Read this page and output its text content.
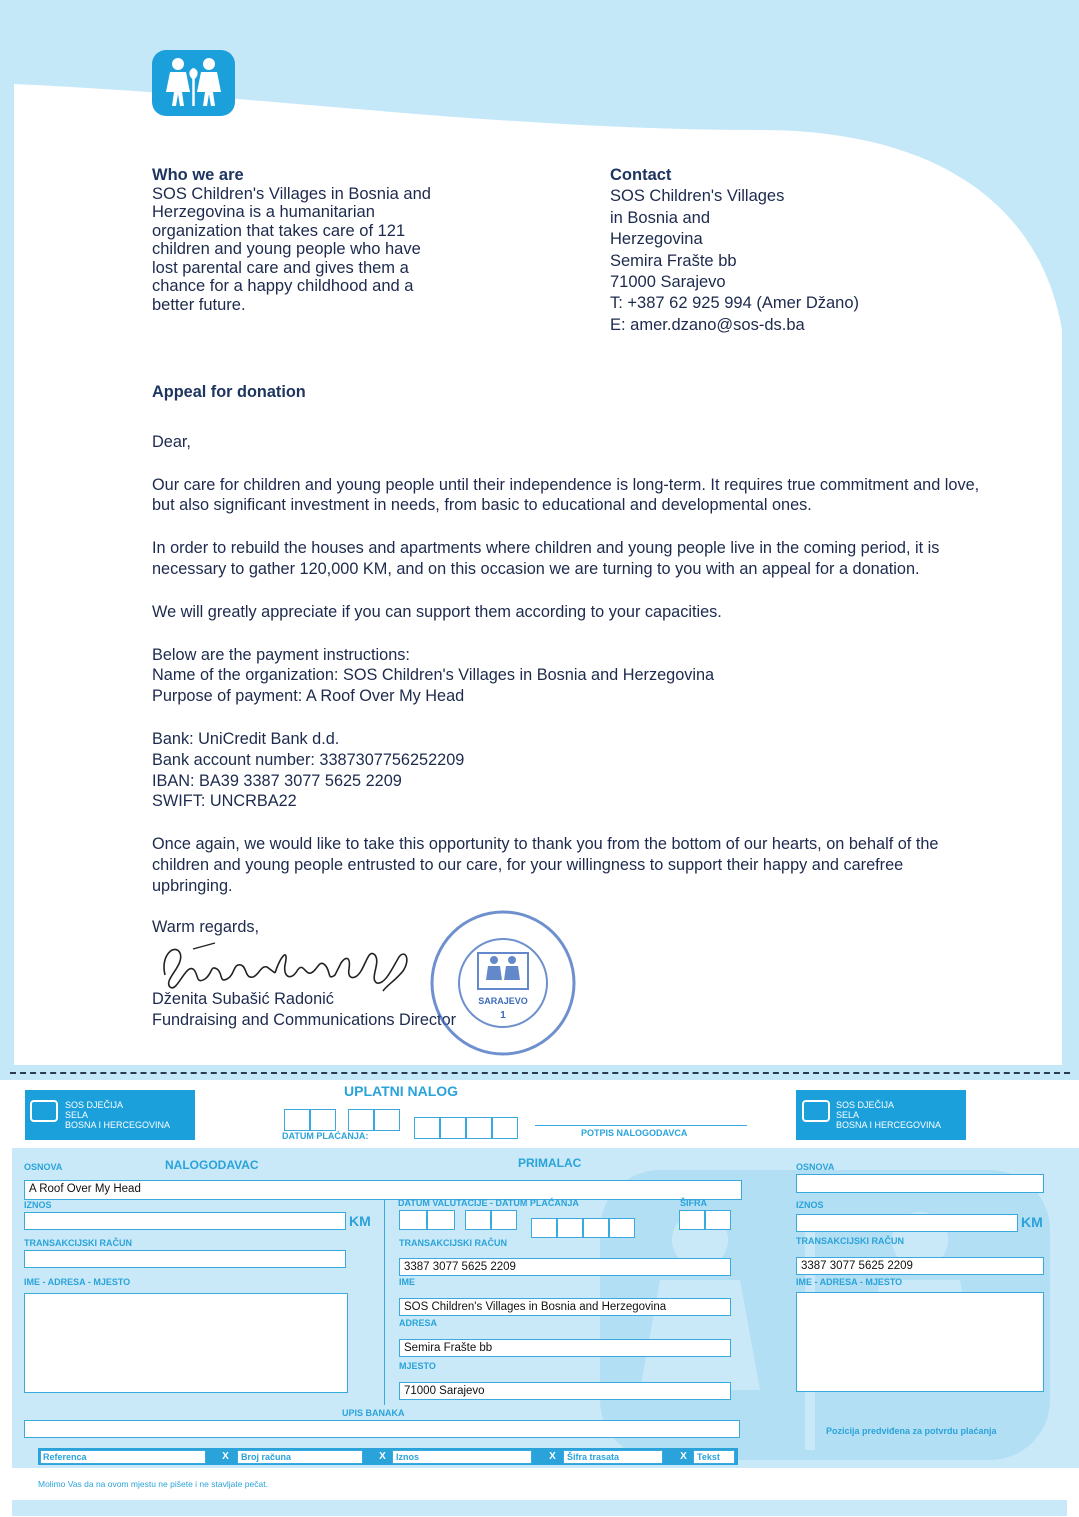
Who we are
SOS Children's Villages in Bosnia and
Herzegovina is a humanitarian
organization that takes care of 121
children and young people who have
lost parental care and gives them a
chance for a happy childhood and a
better future.
Contact
SOS Children's Villages
in Bosnia and
Herzegovina
Semira Frašte bb
71000 Sarajevo
T: +387 62 925 994 (Amer Džano)
E: amer.dzano@sos-ds.ba
Appeal for donation
Dear,
Our care for children and young people until their independence is long-term. It requires true commitment and love,
but also significant investment in needs, from basic to educational and developmental ones.
In order to rebuild the houses and apartments where children and young people live in the coming period, it is
necessary to gather 120,000 KM, and on this occasion we are turning to you with an appeal for a donation.
We will greatly appreciate if you can support them according to your capacities.
Below are the payment instructions:
Name of the organization: SOS Children's Villages in Bosnia and Herzegovina
Purpose of payment: A Roof Over My Head
Bank: UniCredit Bank d.d.
Bank account number: 3387307756252209
IBAN: BA39 3387 3077 5625 2209
SWIFT: UNCRBA22
Once again, we would like to take this opportunity to thank you from the bottom of our hearts, on behalf of the
children and young people entrusted to our care, for your willingness to support their happy and carefree
upbringing.
Warm regards,
Dženita Subašić Radonić
Fundraising and Communications Director
SARAJEVO
1
SOS DJEČIJA
SELA
BOSNA I HERCEGOVINA
SOS DJEČIJA
SELA
BOSNA I HERCEGOVINA
UPLATNI NALOG
DATUM PLAĆANJA:	POTPIS NALOGODAVCA
OSNOVA	NALOGODAVAC	PRIMALAC	OSNOVA
A Roof Over My Head
IZNOS
KM
DATUM VALUTACIJE - DATUM PLAĆANJA	ŠIFRA	IZNOS
KM
TRANSAKCIJSKI RAČUN	TRANSAKCIJSKI RAČUN
3387 3077 5625 2209
TRANSAKCIJSKI RAČUN
3387 3077 5625 2209
IME - ADRESA - MJESTO	IME
SOS Children's Villages in Bosnia and Herzegovina
ADRESA
Semira Frašte bb
MJESTO
71000 Sarajevo
IME - ADRESA - MJESTO
UPIS BANAKA
Pozicija predviđena za potvrdu plaćanja
Referenca	X	Broj računa	X	Iznos	X	Šifra trasata	X	Tekst
Molimo Vas da na ovom mjestu ne pišete i ne stavljate pečat.
